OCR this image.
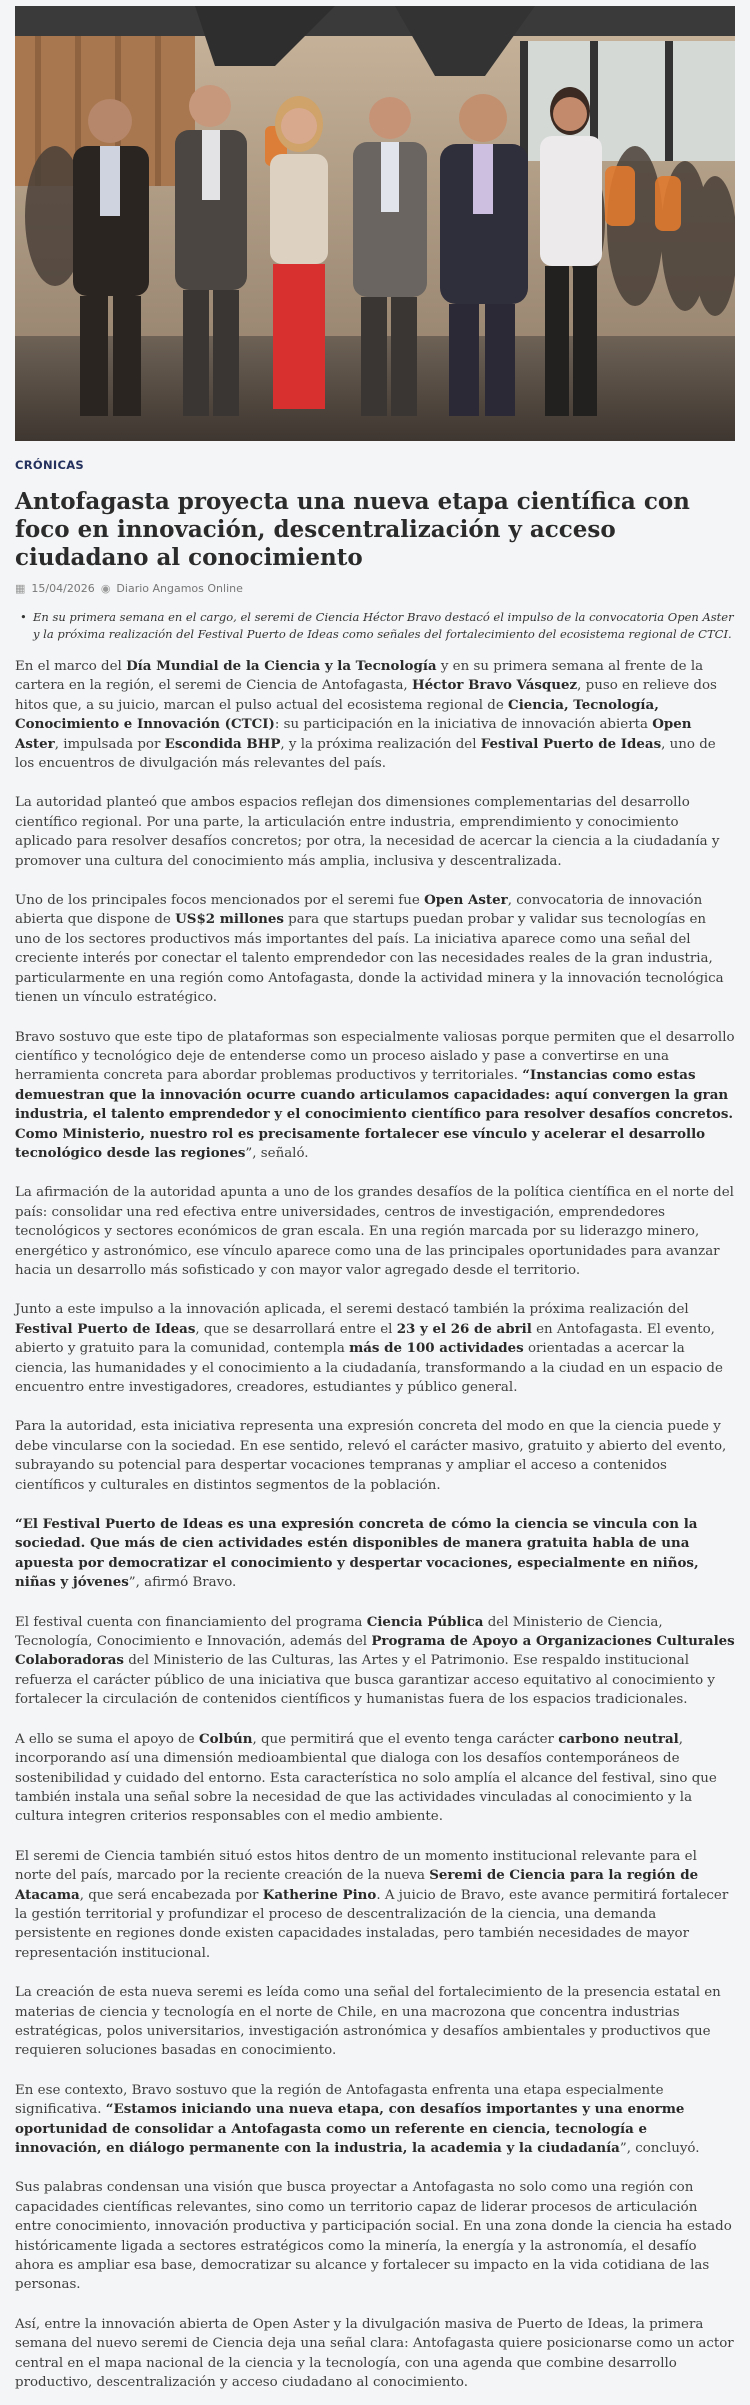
CRÓNICAS
Antofagasta proyecta una nueva etapa científica con foco en innovación, descentralización y acceso ciudadano al conocimiento
▦ 15/04/2026 ◉ Diario Angamos Online
• En su primera semana en el cargo, el seremi de Ciencia Héctor Bravo destacó el impulso de la convocatoria Open Aster y la próxima realización del Festival Puerto de Ideas como señales del fortalecimiento del ecosistema regional de CTCI.

En el marco del Día Mundial de la Ciencia y la Tecnología y en su primera semana al frente de la cartera en la región, el seremi de Ciencia de Antofagasta, Héctor Bravo Vásquez, puso en relieve dos hitos que, a su juicio, marcan el pulso actual del ecosistema regional de Ciencia, Tecnología, Conocimiento e Innovación (CTCI): su participación en la iniciativa de innovación abierta Open Aster, impulsada por Escondida BHP, y la próxima realización del Festival Puerto de Ideas, uno de los encuentros de divulgación más relevantes del país.

La autoridad planteó que ambos espacios reflejan dos dimensiones complementarias del desarrollo científico regional. Por una parte, la articulación entre industria, emprendimiento y conocimiento aplicado para resolver desafíos concretos; por otra, la necesidad de acercar la ciencia a la ciudadanía y promover una cultura del conocimiento más amplia, inclusiva y descentralizada.

Uno de los principales focos mencionados por el seremi fue Open Aster, convocatoria de innovación abierta que dispone de US$2 millones para que startups puedan probar y validar sus tecnologías en uno de los sectores productivos más importantes del país. La iniciativa aparece como una señal del creciente interés por conectar el talento emprendedor con las necesidades reales de la gran industria, particularmente en una región como Antofagasta, donde la actividad minera y la innovación tecnológica tienen un vínculo estratégico.

Bravo sostuvo que este tipo de plataformas son especialmente valiosas porque permiten que el desarrollo científico y tecnológico deje de entenderse como un proceso aislado y pase a convertirse en una herramienta concreta para abordar problemas productivos y territoriales. “Instancias como estas demuestran que la innovación ocurre cuando articulamos capacidades: aquí convergen la gran industria, el talento emprendedor y el conocimiento científico para resolver desafíos concretos. Como Ministerio, nuestro rol es precisamente fortalecer ese vínculo y acelerar el desarrollo tecnológico desde las regiones”, señaló.

La afirmación de la autoridad apunta a uno de los grandes desafíos de la política científica en el norte del país: consolidar una red efectiva entre universidades, centros de investigación, emprendedores tecnológicos y sectores económicos de gran escala. En una región marcada por su liderazgo minero, energético y astronómico, ese vínculo aparece como una de las principales oportunidades para avanzar hacia un desarrollo más sofisticado y con mayor valor agregado desde el territorio.

Junto a este impulso a la innovación aplicada, el seremi destacó también la próxima realización del Festival Puerto de Ideas, que se desarrollará entre el 23 y el 26 de abril en Antofagasta. El evento, abierto y gratuito para la comunidad, contempla más de 100 actividades orientadas a acercar la ciencia, las humanidades y el conocimiento a la ciudadanía, transformando a la ciudad en un espacio de encuentro entre investigadores, creadores, estudiantes y público general.

Para la autoridad, esta iniciativa representa una expresión concreta del modo en que la ciencia puede y debe vincularse con la sociedad. En ese sentido, relevó el carácter masivo, gratuito y abierto del evento, subrayando su potencial para despertar vocaciones tempranas y ampliar el acceso a contenidos científicos y culturales en distintos segmentos de la población.

“El Festival Puerto de Ideas es una expresión concreta de cómo la ciencia se vincula con la sociedad. Que más de cien actividades estén disponibles de manera gratuita habla de una apuesta por democratizar el conocimiento y despertar vocaciones, especialmente en niños, niñas y jóvenes”, afirmó Bravo.

El festival cuenta con financiamiento del programa Ciencia Pública del Ministerio de Ciencia, Tecnología, Conocimiento e Innovación, además del Programa de Apoyo a Organizaciones Culturales Colaboradoras del Ministerio de las Culturas, las Artes y el Patrimonio. Ese respaldo institucional refuerza el carácter público de una iniciativa que busca garantizar acceso equitativo al conocimiento y fortalecer la circulación de contenidos científicos y humanistas fuera de los espacios tradicionales.

A ello se suma el apoyo de Colbún, que permitirá que el evento tenga carácter carbono neutral, incorporando así una dimensión medioambiental que dialoga con los desafíos contemporáneos de sostenibilidad y cuidado del entorno. Esta característica no solo amplía el alcance del festival, sino que también instala una señal sobre la necesidad de que las actividades vinculadas al conocimiento y la cultura integren criterios responsables con el medio ambiente.

El seremi de Ciencia también situó estos hitos dentro de un momento institucional relevante para el norte del país, marcado por la reciente creación de la nueva Seremi de Ciencia para la región de Atacama, que será encabezada por Katherine Pino. A juicio de Bravo, este avance permitirá fortalecer la gestión territorial y profundizar el proceso de descentralización de la ciencia, una demanda persistente en regiones donde existen capacidades instaladas, pero también necesidades de mayor representación institucional.

La creación de esta nueva seremi es leída como una señal del fortalecimiento de la presencia estatal en materias de ciencia y tecnología en el norte de Chile, en una macrozona que concentra industrias estratégicas, polos universitarios, investigación astronómica y desafíos ambientales y productivos que requieren soluciones basadas en conocimiento.

En ese contexto, Bravo sostuvo que la región de Antofagasta enfrenta una etapa especialmente significativa. “Estamos iniciando una nueva etapa, con desafíos importantes y una enorme oportunidad de consolidar a Antofagasta como un referente en ciencia, tecnología e innovación, en diálogo permanente con la industria, la academia y la ciudadanía”, concluyó.

Sus palabras condensan una visión que busca proyectar a Antofagasta no solo como una región con capacidades científicas relevantes, sino como un territorio capaz de liderar procesos de articulación entre conocimiento, innovación productiva y participación social. En una zona donde la ciencia ha estado históricamente ligada a sectores estratégicos como la minería, la energía y la astronomía, el desafío ahora es ampliar esa base, democratizar su alcance y fortalecer su impacto en la vida cotidiana de las personas.

Así, entre la innovación abierta de Open Aster y la divulgación masiva de Puerto de Ideas, la primera semana del nuevo seremi de Ciencia deja una señal clara: Antofagasta quiere posicionarse como un actor central en el mapa nacional de la ciencia y la tecnología, con una agenda que combine desarrollo productivo, descentralización y acceso ciudadano al conocimiento.
